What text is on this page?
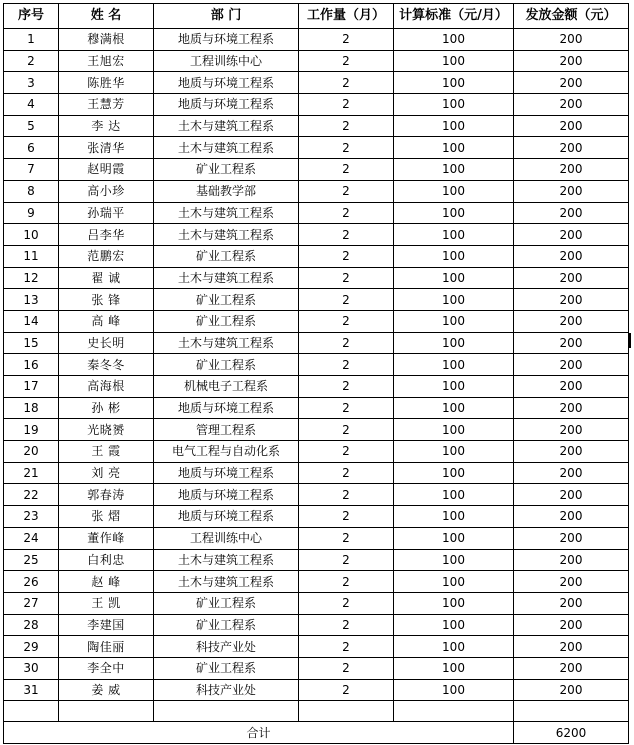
序号	姓 名	部 门	工作量（月）	计算标准（元/月）	发放金额（元）
1	穆满根	地质与环境工程系	2	100	200
2	王旭宏	工程训练中心	2	100	200
3	陈胜华	地质与环境工程系	2	100	200
4	王慧芳	地质与环境工程系	2	100	200
5	李 达	土木与建筑工程系	2	100	200
6	张清华	土木与建筑工程系	2	100	200
7	赵明霞	矿业工程系	2	100	200
8	高小珍	基础教学部	2	100	200
9	孙瑞平	土木与建筑工程系	2	100	200
10	吕李华	土木与建筑工程系	2	100	200
11	范鹏宏	矿业工程系	2	100	200
12	翟 诚	土木与建筑工程系	2	100	200
13	张 锋	矿业工程系	2	100	200
14	高 峰	矿业工程系	2	100	200
15	史长明	土木与建筑工程系	2	100	200
16	秦冬冬	矿业工程系	2	100	200
17	高海根	机械电子工程系	2	100	200
18	孙 彬	地质与环境工程系	2	100	200
19	光晓赟	管理工程系	2	100	200
20	王 霞	电气工程与自动化系	2	100	200
21	刘 亮	地质与环境工程系	2	100	200
22	郭春涛	地质与环境工程系	2	100	200
23	张 熠	地质与环境工程系	2	100	200
24	董作峰	工程训练中心	2	100	200
25	白利忠	土木与建筑工程系	2	100	200
26	赵 峰	土木与建筑工程系	2	100	200
27	王 凯	矿业工程系	2	100	200
28	李建国	矿业工程系	2	100	200
29	陶佳丽	科技产业处	2	100	200
30	李全中	矿业工程系	2	100	200
31	姜 威	科技产业处	2	100	200

合计					6200
